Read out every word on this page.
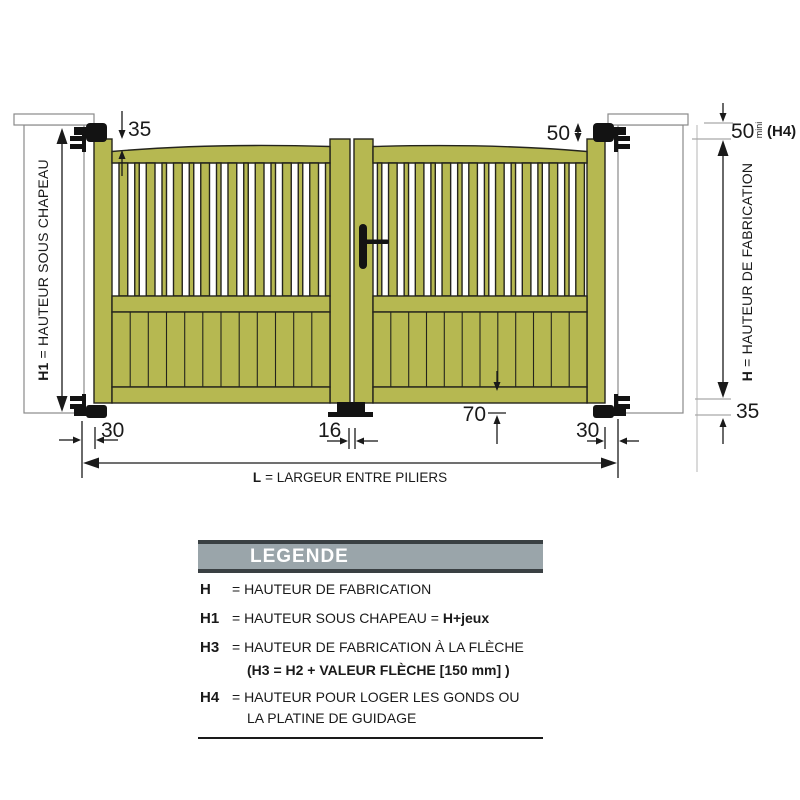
35	50	50 mini (H4)
H= HAUTEUR DE FABRICATION
35
70
30	30
16
L = LARGEUR ENTRE PILIERS
H1= HAUTEUR SOUS CHAPEAU
LEGENDE
H	= HAUTEUR DE FABRICATION
H1 = HAUTEUR SOUS CHAPEAU = H+jeux
H3 = HAUTEUR DE FABRICATION À LA FLÈCHE
(H3 = H2 + VALEUR FLÈCHE [150 mm] )
H4 = HAUTEUR POUR LOGER LES GONDS OU
LA PLATINE DE GUIDAGE
